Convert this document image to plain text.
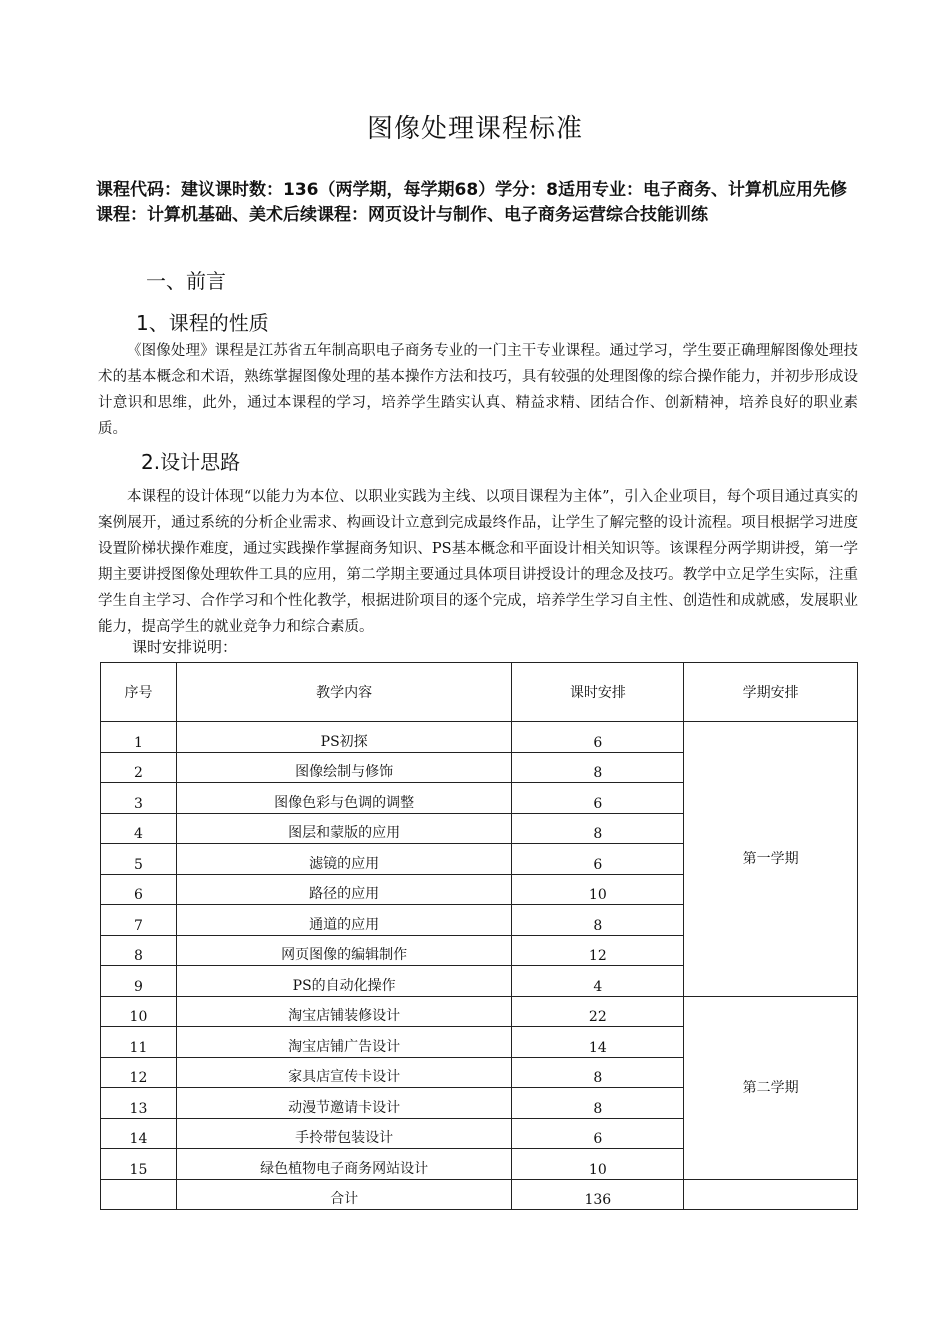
图像处理课程标准
课程代码：建议课时数：136（两学期，每学期68）学分：8适用专业：电子商务、计算机应用先修课程：计算机基础、美术后续课程：网页设计与制作、电子商务运营综合技能训练
一、前言
1、课程的性质
《图像处理》课程是江苏省五年制高职电子商务专业的一门主干专业课程。通过学习，学生要正确理解图像处理技术的基本概念和术语，熟练掌握图像处理的基本操作方法和技巧，具有较强的处理图像的综合操作能力，并初步形成设计意识和思维，此外，通过本课程的学习，培养学生踏实认真、精益求精、团结合作、创新精神，培养良好的职业素质。
2.设计思路
本课程的设计体现“以能力为本位、以职业实践为主线、以项目课程为主体”，引入企业项目，每个项目通过真实的案例展开，通过系统的分析企业需求、构画设计立意到完成最终作品，让学生了解完整的设计流程。项目根据学习进度设置阶梯状操作难度，通过实践操作掌握商务知识、PS基本概念和平面设计相关知识等。该课程分两学期讲授，第一学期主要讲授图像处理软件工具的应用，第二学期主要通过具体项目讲授设计的理念及技巧。教学中立足学生实际，注重学生自主学习、合作学习和个性化教学，根据进阶项目的逐个完成，培养学生学习自主性、创造性和成就感，发展职业能力，提高学生的就业竞争力和综合素质。
课时安排说明：
序号	教学内容	课时安排	学期安排
1	PS初探	6	第一学期
2	图像绘制与修饰	8	
3	图像色彩与色调的调整	6	
4	图层和蒙版的应用	8	
5	滤镜的应用	6	
6	路径的应用	10	
7	通道的应用	8	
8	网页图像的编辑制作	12	
9	PS的自动化操作	4	
10	淘宝店铺装修设计	22	第二学期
11	淘宝店铺广告设计	14	
12	家具店宣传卡设计	8	
13	动漫节邀请卡设计	8	
14	手拎带包装设计	6	
15	绿色植物电子商务网站设计	10	
	合计	136	
